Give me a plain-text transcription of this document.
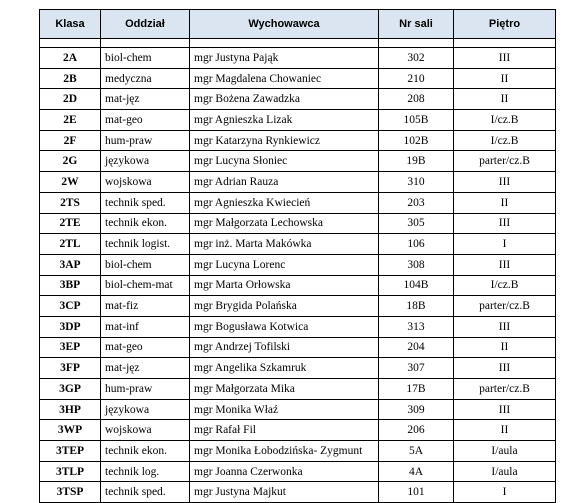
Klasa	Oddział	Wychowawca	Nr sali	Piętro

2A	biol-chem	mgr Justyna Pająk	302	III
2B	medyczna	mgr Magdalena Chowaniec	210	II
2D	mat-jęz	mgr Bożena Zawadzka	208	II
2E	mat-geo	mgr Agnieszka Lizak	105B	I/cz.B
2F	hum-praw	mgr Katarzyna Rynkiewicz	102B	I/cz.B
2G	językowa	mgr Lucyna Słoniec	19B	parter/cz.B
2W	wojskowa	mgr Adrian Rauza	310	III
2TS	technik sped.	mgr Agnieszka Kwiecień	203	II
2TE	technik ekon.	mgr Małgorzata Lechowska	305	III
2TL	technik logist.	mgr inż. Marta Makówka	106	I
3AP	biol-chem	mgr Lucyna Lorenc	308	III
3BP	biol-chem-mat	mgr Marta Orłowska	104B	I/cz.B
3CP	mat-fiz	mgr Brygida Polańska	18B	parter/cz.B
3DP	mat-inf	mgr Bogusława Kotwica	313	III
3EP	mat-geo	mgr Andrzej Tofilski	204	II
3FP	mat-jęz	mgr Angelika Szkamruk	307	III
3GP	hum-praw	mgr Małgorzata Mika	17B	parter/cz.B
3HP	językowa	mgr Monika Właź	309	III
3WP	wojskowa	mgr Rafał Fil	206	II
3TEP	technik ekon.	mgr Monika Łobodzińska- Zygmunt	5A	I/aula
3TLP	technik log.	mgr Joanna Czerwonka	4A	I/aula
3TSP	technik sped.	mgr Justyna Majkut	101	I
